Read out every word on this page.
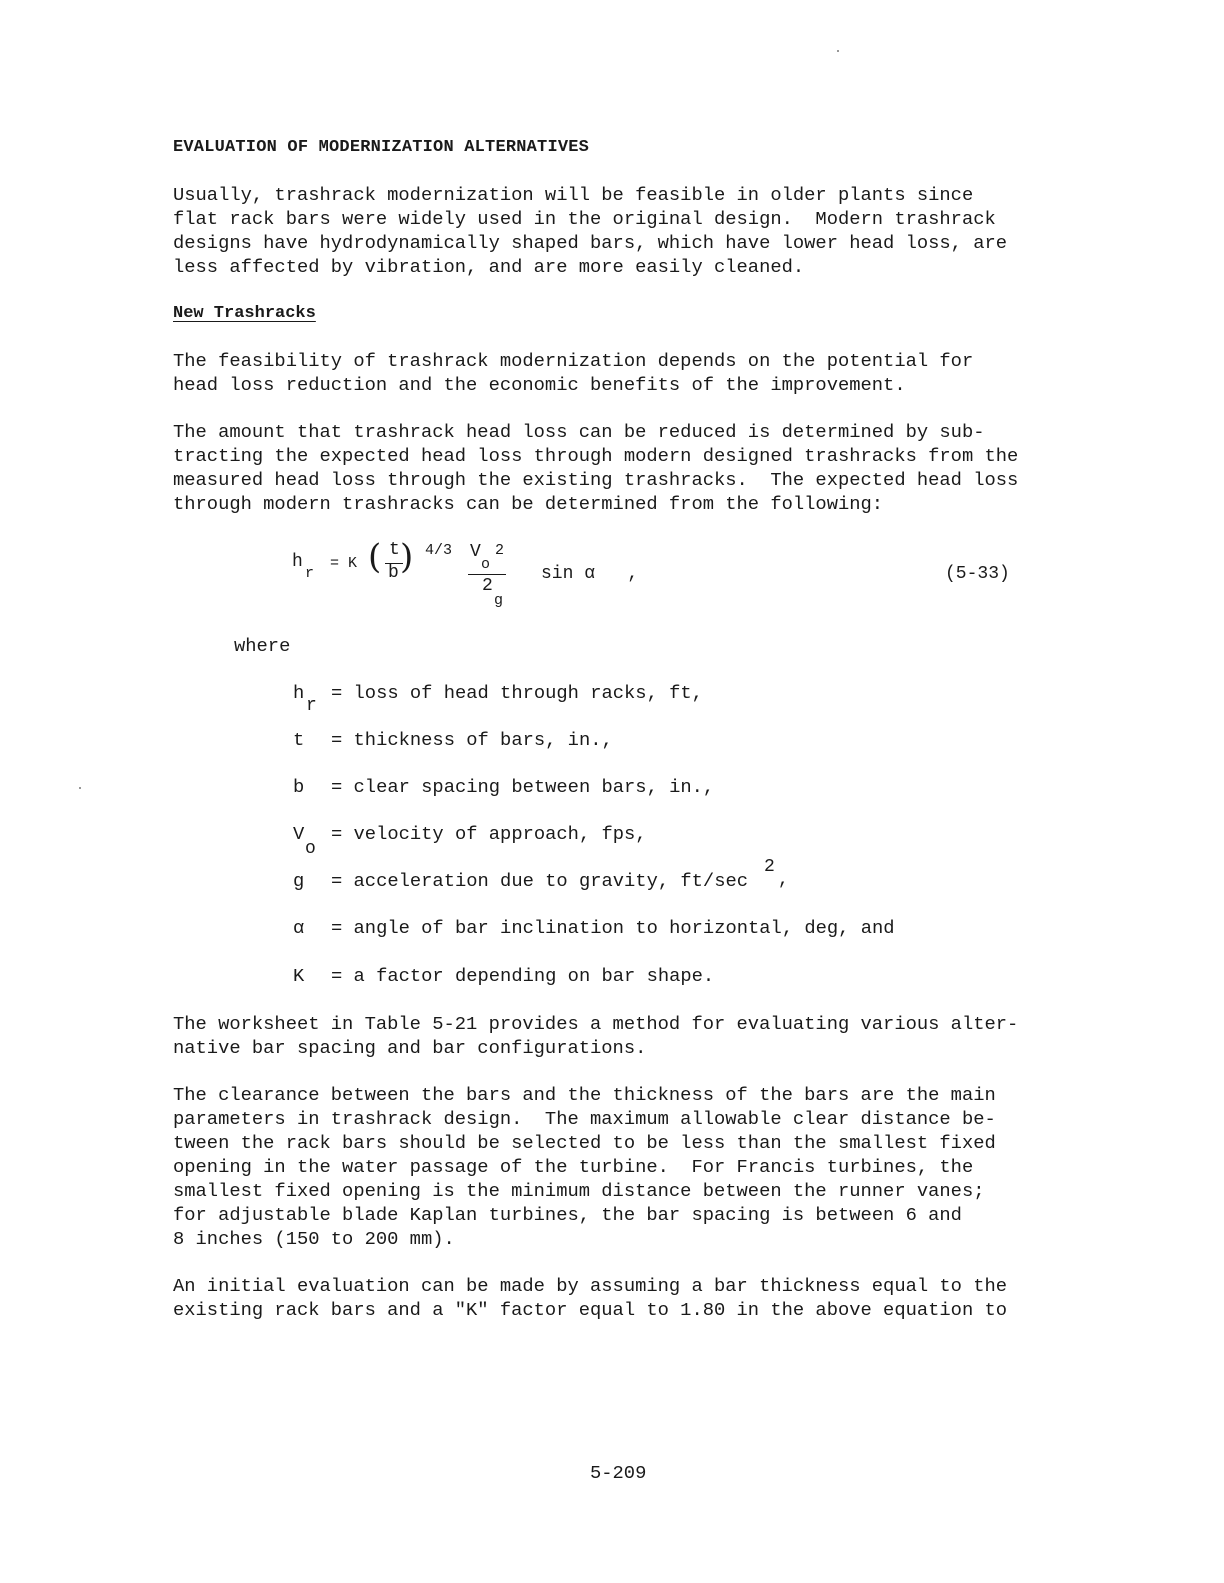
EVALUATION OF MODERNIZATION ALTERNATIVES
Usually, trashrack modernization will be feasible in older plants since
flat rack bars were widely used in the original design.  Modern trashrack
designs have hydrodynamically shaped bars, which have lower head loss, are
less affected by vibration, and are more easily cleaned.
New Trashracks
The feasibility of trashrack modernization depends on the potential for
head loss reduction and the economic benefits of the improvement.
The amount that trashrack head loss can be reduced is determined by sub-
tracting the expected head loss through modern designed trashracks from the
measured head loss through the existing trashracks.  The expected head loss
through modern trashracks can be determined from the following:
h
r
= K ( t
b ) 4/3 V
o
2
2
g
sin α   ,	(5-33)
where
h
r
= loss of head through racks, ft,
t = thickness of bars, in.,
b = clear spacing between bars, in.,
V
o
= velocity of approach, fps,
g = acceleration due to gravity, ft/sec
2
,
α = angle of bar inclination to horizontal, deg, and
K = a factor depending on bar shape.
The worksheet in Table 5-21 provides a method for evaluating various alter-
native bar spacing and bar configurations.
The clearance between the bars and the thickness of the bars are the main
parameters in trashrack design.  The maximum allowable clear distance be-
tween the rack bars should be selected to be less than the smallest fixed
opening in the water passage of the turbine.  For Francis turbines, the
smallest fixed opening is the minimum distance between the runner vanes;
for adjustable blade Kaplan turbines, the bar spacing is between 6 and
8 inches (150 to 200 mm).
An initial evaluation can be made by assuming a bar thickness equal to the
existing rack bars and a "K" factor equal to 1.80 in the above equation to
5-209
